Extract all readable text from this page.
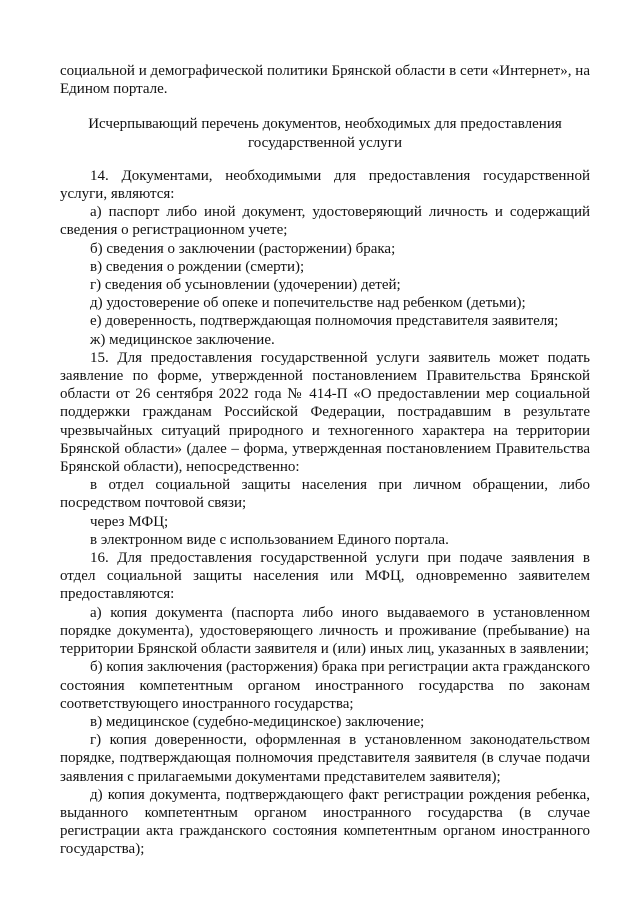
социальной и демографической политики Брянской области в сети «Интернет», на Едином портале.

Исчерпывающий перечень документов, необходимых для предоставления государственной услуги

14. Документами, необходимыми для предоставления государственной услуги, являются:

а) паспорт либо иной документ, удостоверяющий личность и содержащий сведения о регистрационном учете;

б) сведения о заключении (расторжении) брака;

в) сведения о рождении (смерти);

г) сведения об усыновлении (удочерении) детей;

д) удостоверение об опеке и попечительстве над ребенком (детьми);

е) доверенность, подтверждающая полномочия представителя заявителя;

ж) медицинское заключение.

15. Для предоставления государственной услуги заявитель может подать заявление по форме, утвержденной постановлением Правительства Брянской области от 26 сентября 2022 года № 414-П «О предоставлении мер социальной поддержки гражданам Российской Федерации, пострадавшим в результате чрезвычайных ситуаций природного и техногенного характера на территории Брянской области» (далее – форма, утвержденная постановлением Правительства Брянской области), непосредственно:

в отдел социальной защиты населения при личном обращении, либо посредством почтовой связи;

через МФЦ;

в электронном виде с использованием Единого портала.

16. Для предоставления государственной услуги при подаче заявления в отдел социальной защиты населения или МФЦ, одновременно заявителем предоставляются:

а) копия документа (паспорта либо иного выдаваемого в установленном порядке документа), удостоверяющего личность и проживание (пребывание) на территории Брянской области заявителя и (или) иных лиц, указанных в заявлении;

б) копия заключения (расторжения) брака при регистрации акта гражданского состояния компетентным органом иностранного государства по законам соответствующего иностранного государства;

в) медицинское (судебно-медицинское) заключение;

г) копия доверенности, оформленная в установленном законодательством порядке, подтверждающая полномочия представителя заявителя (в случае подачи заявления с прилагаемыми документами представителем заявителя);

д) копия документа, подтверждающего факт регистрации рождения ребенка, выданного компетентным органом иностранного государства (в случае регистрации акта гражданского состояния компетентным органом иностранного государства);
